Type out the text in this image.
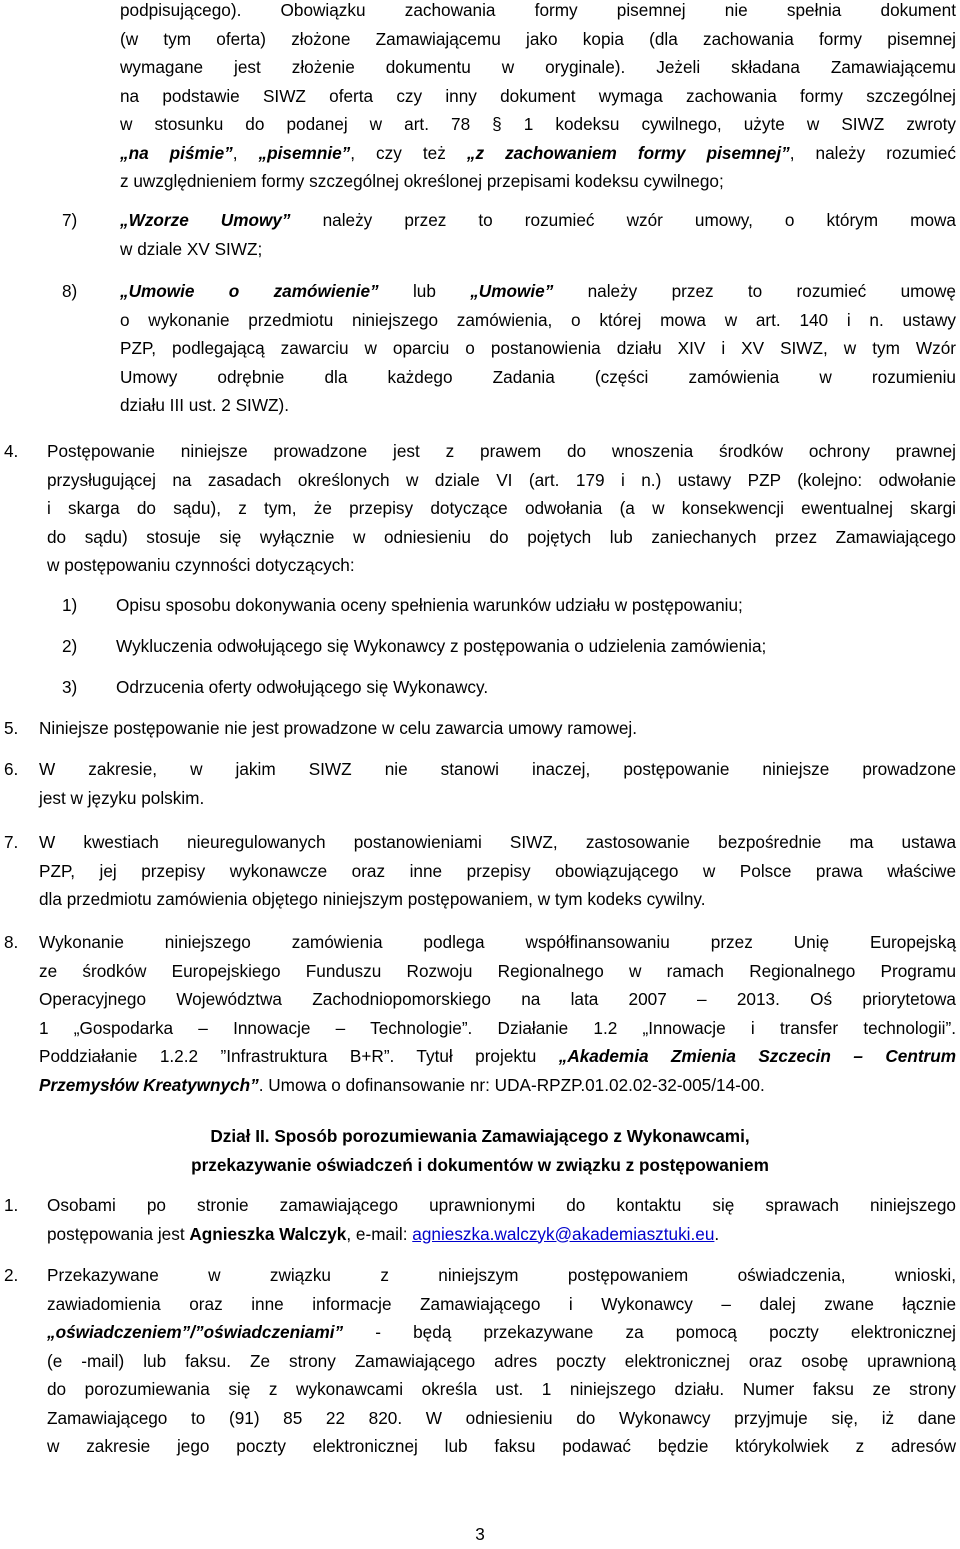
podpisującego). Obowiązku zachowania formy pisemnej nie spełnia dokument
(w tym oferta) złożone Zamawiającemu jako kopia (dla zachowania formy pisemnej
wymagane jest złożenie dokumentu w oryginale). Jeżeli składana Zamawiającemu
na podstawie SIWZ oferta czy inny dokument wymaga zachowania formy szczególnej
w stosunku do podanej w art. 78 § 1 kodeksu cywilnego, użyte w SIWZ zwroty
„na piśmie”, „pisemnie”, czy też „z zachowaniem formy pisemnej”, należy rozumieć
z uwzględnieniem formy szczególnej określonej przepisami kodeksu cywilnego;
7) „Wzorze Umowy” należy przez to rozumieć wzór umowy, o którym mowa
w dziale XV SIWZ;
8) „Umowie o zamówienie” lub „Umowie” należy przez to rozumieć umowę
o wykonanie przedmiotu niniejszego zamówienia, o której mowa w art. 140 i n. ustawy
PZP, podlegającą zawarciu w oparciu o postanowienia działu XIV i XV SIWZ, w tym Wzór
Umowy odrębnie dla każdego Zadania (części zamówienia w rozumieniu
działu III ust. 2 SIWZ).
4. Postępowanie niniejsze prowadzone jest z prawem do wnoszenia środków ochrony prawnej
przysługującej na zasadach określonych w dziale VI (art. 179 i n.) ustawy PZP (kolejno: odwołanie
i skarga do sądu), z tym, że przepisy dotyczące odwołania (a w konsekwencji ewentualnej skargi
do sądu) stosuje się wyłącznie w odniesieniu do pojętych lub zaniechanych przez Zamawiającego
w postępowaniu czynności dotyczących:
1) Opisu sposobu dokonywania oceny spełnienia warunków udziału w postępowaniu;
2) Wykluczenia odwołującego się Wykonawcy z postępowania o udzielenia zamówienia;
3) Odrzucenia oferty odwołującego się Wykonawcy.
5. Niniejsze postępowanie nie jest prowadzone w celu zawarcia umowy ramowej.
6. W zakresie, w jakim SIWZ nie stanowi inaczej, postępowanie niniejsze prowadzone
jest w języku polskim.
7. W kwestiach nieuregulowanych postanowieniami SIWZ, zastosowanie bezpośrednie ma ustawa
PZP, jej przepisy wykonawcze oraz inne przepisy obowiązującego w Polsce prawa właściwe
dla przedmiotu zamówienia objętego niniejszym postępowaniem, w tym kodeks cywilny.
8. Wykonanie niniejszego zamówienia podlega współfinansowaniu przez Unię Europejską
ze środków Europejskiego Funduszu Rozwoju Regionalnego w ramach Regionalnego Programu
Operacyjnego Województwa Zachodniopomorskiego na lata 2007 – 2013. Oś priorytetowa
1 „Gospodarka – Innowacje – Technologie”. Działanie 1.2 „Innowacje i transfer technologii”.
Poddziałanie 1.2.2 ”Infrastruktura B+R”. Tytuł projektu „Akademia Zmienia Szczecin – Centrum
Przemysłów Kreatywnych”. Umowa o dofinansowanie nr: UDA-RPZP.01.02.02-32-005/14-00.
Dział II. Sposób porozumiewania Zamawiającego z Wykonawcami,
przekazywanie oświadczeń i dokumentów w związku z postępowaniem
1. Osobami po stronie zamawiającego uprawnionymi do kontaktu się sprawach niniejszego
postępowania jest Agnieszka Walczyk, e-mail: agnieszka.walczyk@akademiasztuki.eu.
2. Przekazywane w związku z niniejszym postępowaniem oświadczenia, wnioski,
zawiadomienia oraz inne informacje Zamawiającego i Wykonawcy – dalej zwane łącznie
„oświadczeniem”/”oświadczeniami” - będą przekazywane za pomocą poczty elektronicznej
(e -mail) lub faksu. Ze strony Zamawiającego adres poczty elektronicznej oraz osobę uprawnioną
do porozumiewania się z wykonawcami określa ust. 1 niniejszego działu. Numer faksu ze strony
Zamawiającego to (91) 85 22 820. W odniesieniu do Wykonawcy przyjmuje się, iż dane
w zakresie jego poczty elektronicznej lub faksu podawać będzie którykolwiek z adresów
3
